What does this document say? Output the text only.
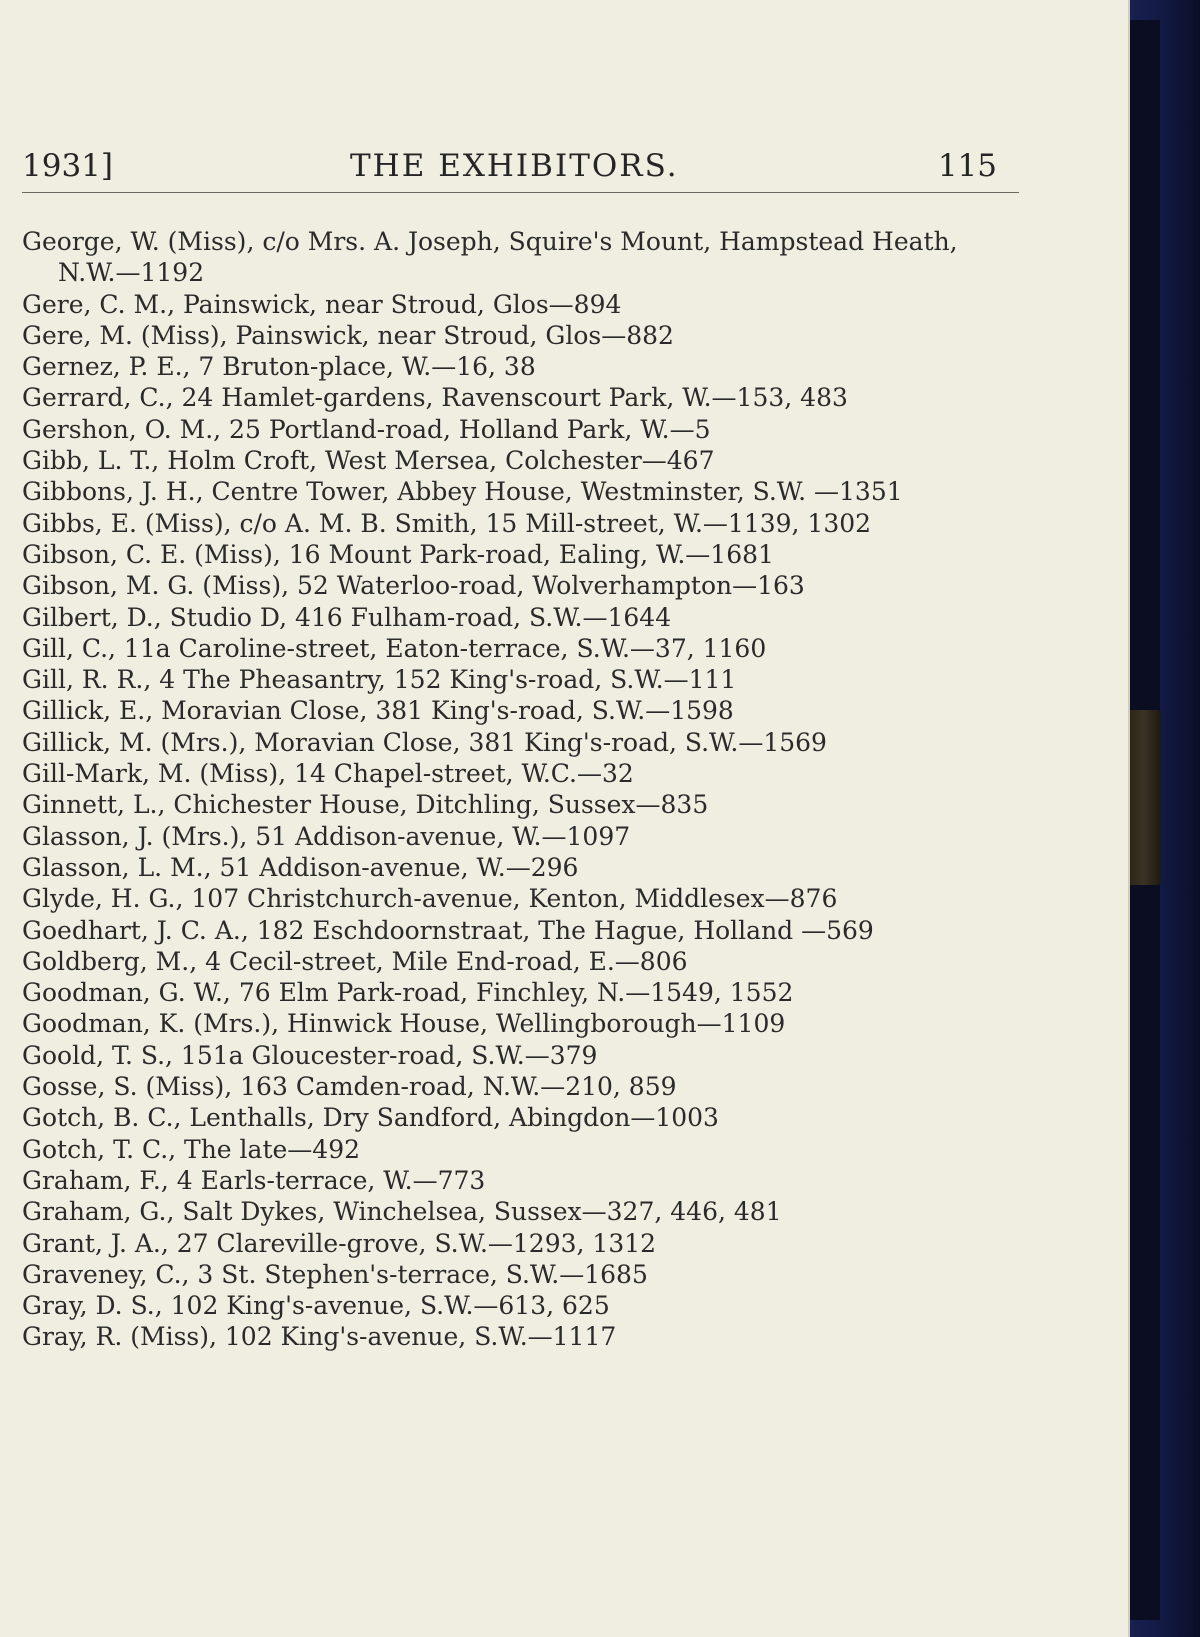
1931]	THE EXHIBITORS.	115

George, W. (Miss), c/o Mrs. A. Joseph, Squire's Mount, Hampstead Heath, N.W.—1192

Gere, C. M., Painswick, near Stroud, Glos—894

Gere, M. (Miss), Painswick, near Stroud, Glos—882

Gernez, P. E., 7 Bruton-place, W.—16, 38

Gerrard, C., 24 Hamlet-gardens, Ravenscourt Park, W.—153, 483

Gershon, O. M., 25 Portland-road, Holland Park, W.—5

Gibb, L. T., Holm Croft, West Mersea, Colchester—467

Gibbons, J. H., Centre Tower, Abbey House, Westminster, S.W. —1351

Gibbs, E. (Miss), c/o A. M. B. Smith, 15 Mill-street, W.—1139, 1302

Gibson, C. E. (Miss), 16 Mount Park-road, Ealing, W.—1681

Gibson, M. G. (Miss), 52 Waterloo-road, Wolverhampton—163

Gilbert, D., Studio D, 416 Fulham-road, S.W.—1644

Gill, C., 11a Caroline-street, Eaton-terrace, S.W.—37, 1160

Gill, R. R., 4 The Pheasantry, 152 King's-road, S.W.—111

Gillick, E., Moravian Close, 381 King's-road, S.W.—1598

Gillick, M. (Mrs.), Moravian Close, 381 King's-road, S.W.—1569

Gill-Mark, M. (Miss), 14 Chapel-street, W.C.—32

Ginnett, L., Chichester House, Ditchling, Sussex—835

Glasson, J. (Mrs.), 51 Addison-avenue, W.—1097

Glasson, L. M., 51 Addison-avenue, W.—296

Glyde, H. G., 107 Christchurch-avenue, Kenton, Middlesex—876

Goedhart, J. C. A., 182 Eschdoornstraat, The Hague, Holland —569

Goldberg, M., 4 Cecil-street, Mile End-road, E.—806

Goodman, G. W., 76 Elm Park-road, Finchley, N.—1549, 1552

Goodman, K. (Mrs.), Hinwick House, Wellingborough—1109

Goold, T. S., 151a Gloucester-road, S.W.—379

Gosse, S. (Miss), 163 Camden-road, N.W.—210, 859

Gotch, B. C., Lenthalls, Dry Sandford, Abingdon—1003

Gotch, T. C., The late—492

Graham, F., 4 Earls-terrace, W.—773

Graham, G., Salt Dykes, Winchelsea, Sussex—327, 446, 481

Grant, J. A., 27 Clareville-grove, S.W.—1293, 1312

Graveney, C., 3 St. Stephen's-terrace, S.W.—1685

Gray, D. S., 102 King's-avenue, S.W.—613, 625

Gray, R. (Miss), 102 King's-avenue, S.W.—1117
